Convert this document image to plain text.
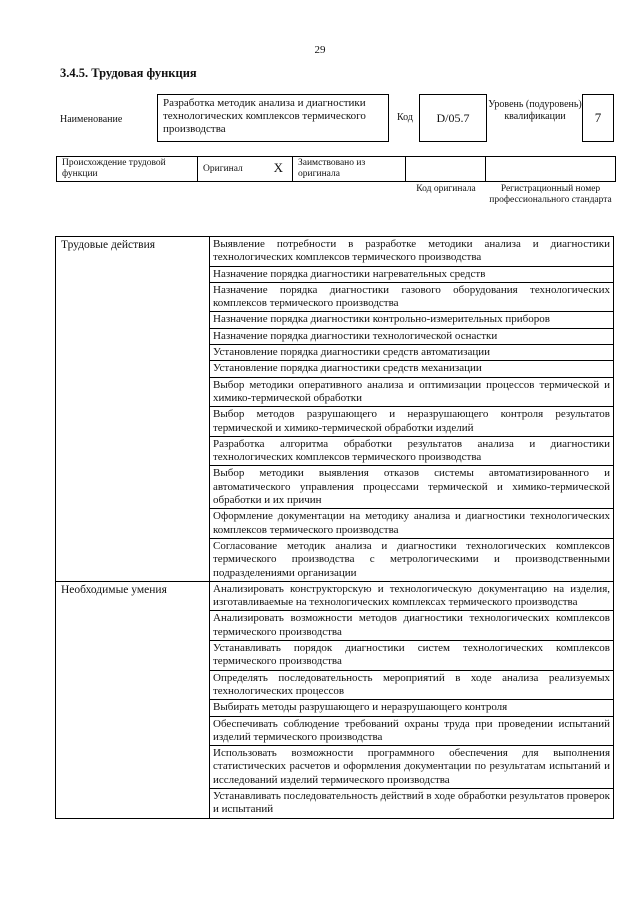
29
3.4.5. Трудовая функция
Наименование
Разработка методик анализа и диагностики технологических комплексов термического производства
Код	D/05.7
Уровень (подуровень) квалификации	7
Происхождение трудовой функции	Оригинал X	Заимствовано из оригинала		
Код оригинала	Регистрационный номер профессионального стандарта
Трудовые действия	Выявление потребности в разработке методики анализа и диагностики технологических комплексов термического производства
	Назначение порядка диагностики нагревательных средств
	Назначение порядка диагностики газового оборудования технологических комплексов термического производства
	Назначение порядка диагностики контрольно-измерительных приборов
	Назначение порядка диагностики технологической оснастки
	Установление порядка диагностики средств автоматизации
	Установление порядка диагностики средств механизации
	Выбор методики оперативного анализа и оптимизации процессов термической и химико-термической обработки
	Выбор методов разрушающего и неразрушающего контроля результатов термической и химико-термической обработки изделий
	Разработка алгоритма обработки результатов анализа и диагностики технологических комплексов термического производства
	Выбор методики выявления отказов системы автоматизированного и автоматического управления процессами термической и химико-термической обработки и их причин
	Оформление документации на методику анализа и диагностики технологических комплексов термического производства
	Согласование методик анализа и диагностики технологических комплексов термического производства с метрологическими и производственными подразделениями организации
Необходимые умения	Анализировать конструкторскую и технологическую документацию на изделия, изготавливаемые на технологических комплексах термического производства
	Анализировать возможности методов диагностики технологических комплексов термического производства
	Устанавливать порядок диагностики систем технологических комплексов термического производства
	Определять последовательность мероприятий в ходе анализа реализуемых технологических процессов
	Выбирать методы разрушающего и неразрушающего контроля
	Обеспечивать соблюдение требований охраны труда при проведении испытаний изделий термического производства
	Использовать возможности программного обеспечения для выполнения статистических расчетов и оформления документации по результатам испытаний и исследований изделий термического производства
	Устанавливать последовательность действий в ходе обработки результатов проверок и испытаний
